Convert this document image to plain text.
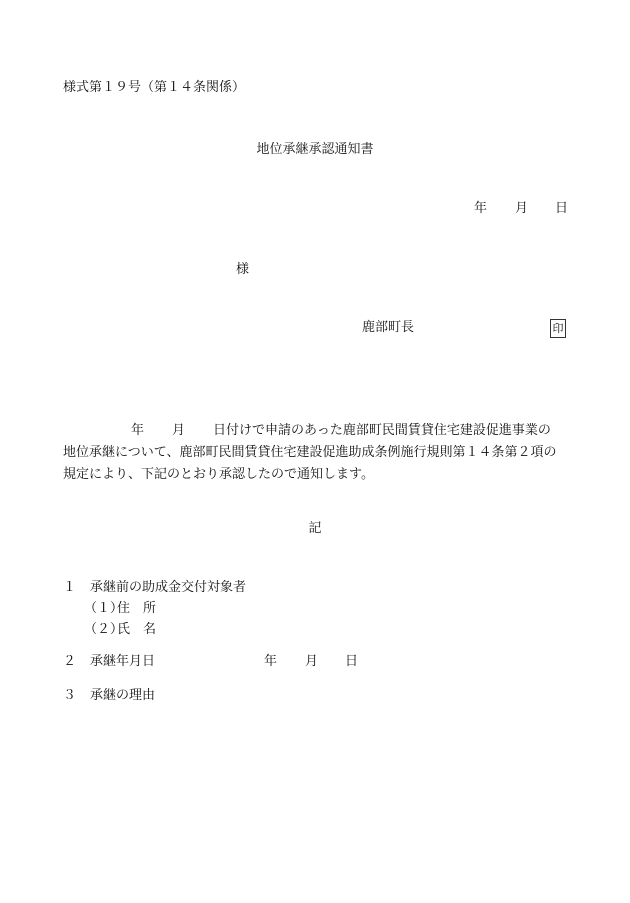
様式第１９号（第１４条関係）
地位承継承認通知書
年 月 日
様
鹿部町長	印
年 月 日付けで申請のあった鹿部町民間賃貸住宅建設促進事業の
地位承継について、鹿部町民間賃貸住宅建設促進助成条例施行規則第１４条第２項の
規定により、下記のとおり承認したので通知します。
記
１ 承継前の助成金交付対象者
（１）
住　所
（２）
氏　名
２ 承継年月日	年 月 日
３ 承継の理由
